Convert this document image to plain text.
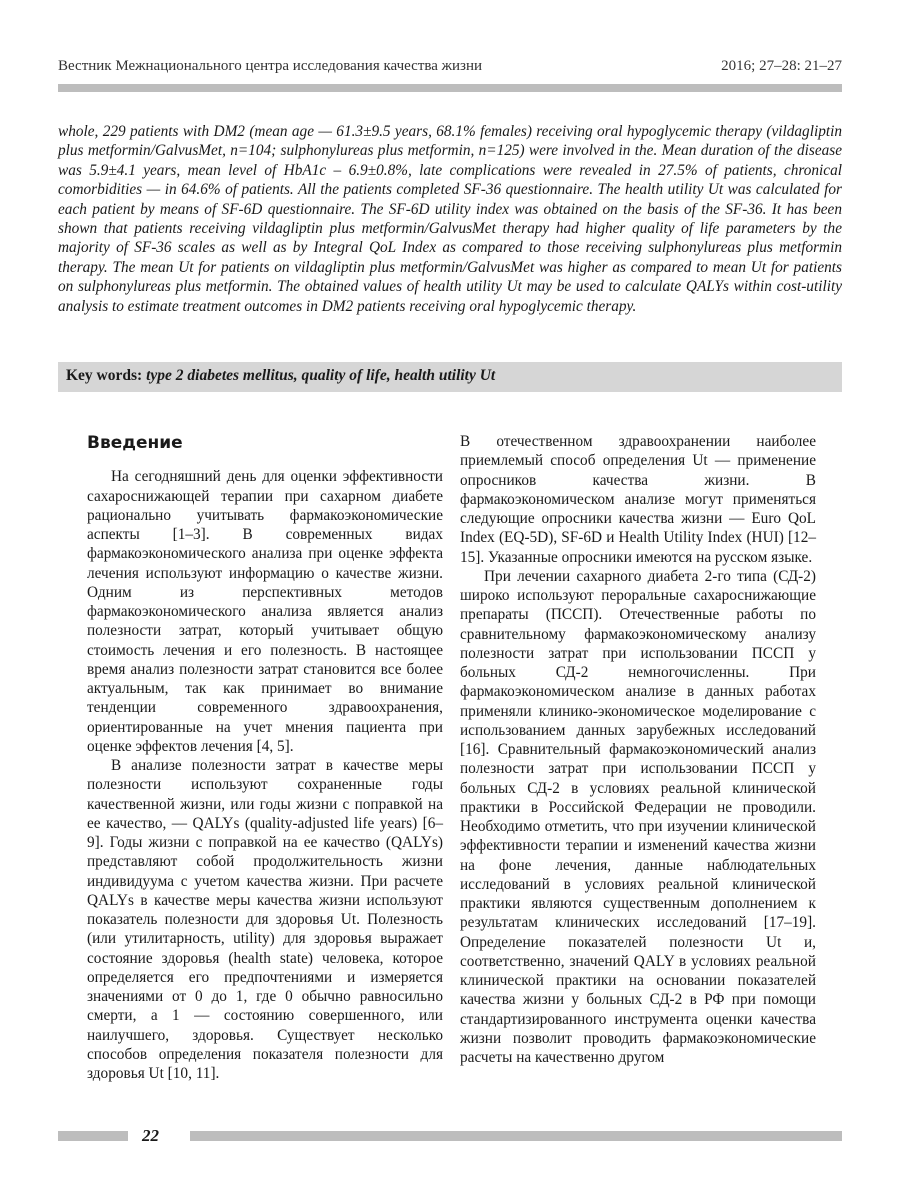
Вестник Межнационального центра исследования качества жизни	2016; 27–28: 21–27

whole, 229 patients with DM2 (mean age — 61.3±9.5 years, 68.1% females) receiving oral hypoglycemic therapy (vildagliptin plus metformin/GalvusMet, n=104; sulphonylureas plus metformin, n=125) were involved in the. Mean duration of the disease was 5.9±4.1 years, mean level of HbA1c – 6.9±0.8%, late complications were revealed in 27.5% of patients, chronical comorbidities — in 64.6% of patients. All the patients completed SF-36 questionnaire. The health utility Ut was calculated for each patient by means of SF-6D questionnaire. The SF-6D utility index was obtained on the basis of the SF-36. It has been shown that patients receiving vildagliptin plus metformin/GalvusMet therapy had higher quality of life parameters by the majority of SF-36 scales as well as by Integral QoL Index as compared to those receiving sulphonylureas plus metformin therapy. The mean Ut for patients on vildagliptin plus metformin/GalvusMet was higher as compared to mean Ut for patients on sulphonylureas plus metformin. The obtained values of health utility Ut may be used to calculate QALYs within cost-utility analysis to estimate treatment outcomes in DM2 patients receiving oral hypoglycemic therapy.

Key words: type 2 diabetes mellitus, quality of life, health utility Ut
Введение

На сегодняшний день для оценки эффективности сахароснижающей терапии при сахарном диабете рационально учитывать фармакоэкономические аспекты [1–3]. В современных видах фармакоэкономического анализа при оценке эффекта лечения используют информацию о качестве жизни. Одним из перспективных методов фармакоэкономического анализа является анализ полезности затрат, который учитывает общую стоимость лечения и его полезность. В настоящее время анализ полезности затрат становится все более актуальным, так как принимает во внимание тенденции современного здравоохранения, ориентированные на учет мнения пациента при оценке эффектов лечения [4, 5].

В анализе полезности затрат в качестве меры полезности используют сохраненные годы качественной жизни, или годы жизни с поправкой на ее качество, — QALYs (quality-adjusted life years) [6–9]. Годы жизни с поправкой на ее качество (QALYs) представляют собой продолжительность жизни индивидуума с учетом качества жизни. При расчете QALYs в качестве меры качества жизни используют показатель полезности для здоровья Ut. Полезность (или утилитарность, utility) для здоровья выражает состояние здоровья (health state) человека, которое определяется его предпочтениями и измеряется значениями от 0 до 1, где 0 обычно равносильно смерти, а 1 — состоянию совершенного, или наилучшего, здоровья. Существует несколько способов определения показателя полезности для здоровья Ut [10, 11].

В отечественном здравоохранении наиболее приемлемый способ определения Ut — применение опросников качества жизни. В фармакоэкономическом анализе могут применяться следующие опросники качества жизни — Euro QoL Index (EQ-5D), SF-6D и Health Utility Index (HUI) [12–15]. Указанные опросники имеются на русском языке.

При лечении сахарного диабета 2-го типа (СД-2) широко используют пероральные сахароснижающие препараты (ПССП). Отечественные работы по сравнительному фармакоэкономическому анализу полезности затрат при использовании ПССП у больных СД-2 немногочисленны. При фармакоэкономическом анализе в данных работах применяли клинико-экономическое моделирование с использованием данных зарубежных исследований [16]. Сравнительный фармакоэкономический анализ полезности затрат при использовании ПССП у больных СД-2 в условиях реальной клинической практики в Российской Федерации не проводили. Необходимо отметить, что при изучении клинической эффективности терапии и изменений качества жизни на фоне лечения, данные наблюдательных исследований в условиях реальной клинической практики являются существенным дополнением к результатам клинических исследований [17–19]. Определение показателей полезности Ut и, соответственно, значений QALY в условиях реальной клинической практики на основании показателей качества жизни у больных СД-2 в РФ при помощи стандартизированного инструмента оценки качества жизни позволит проводить фармакоэкономические расчеты на качественно другом

22
